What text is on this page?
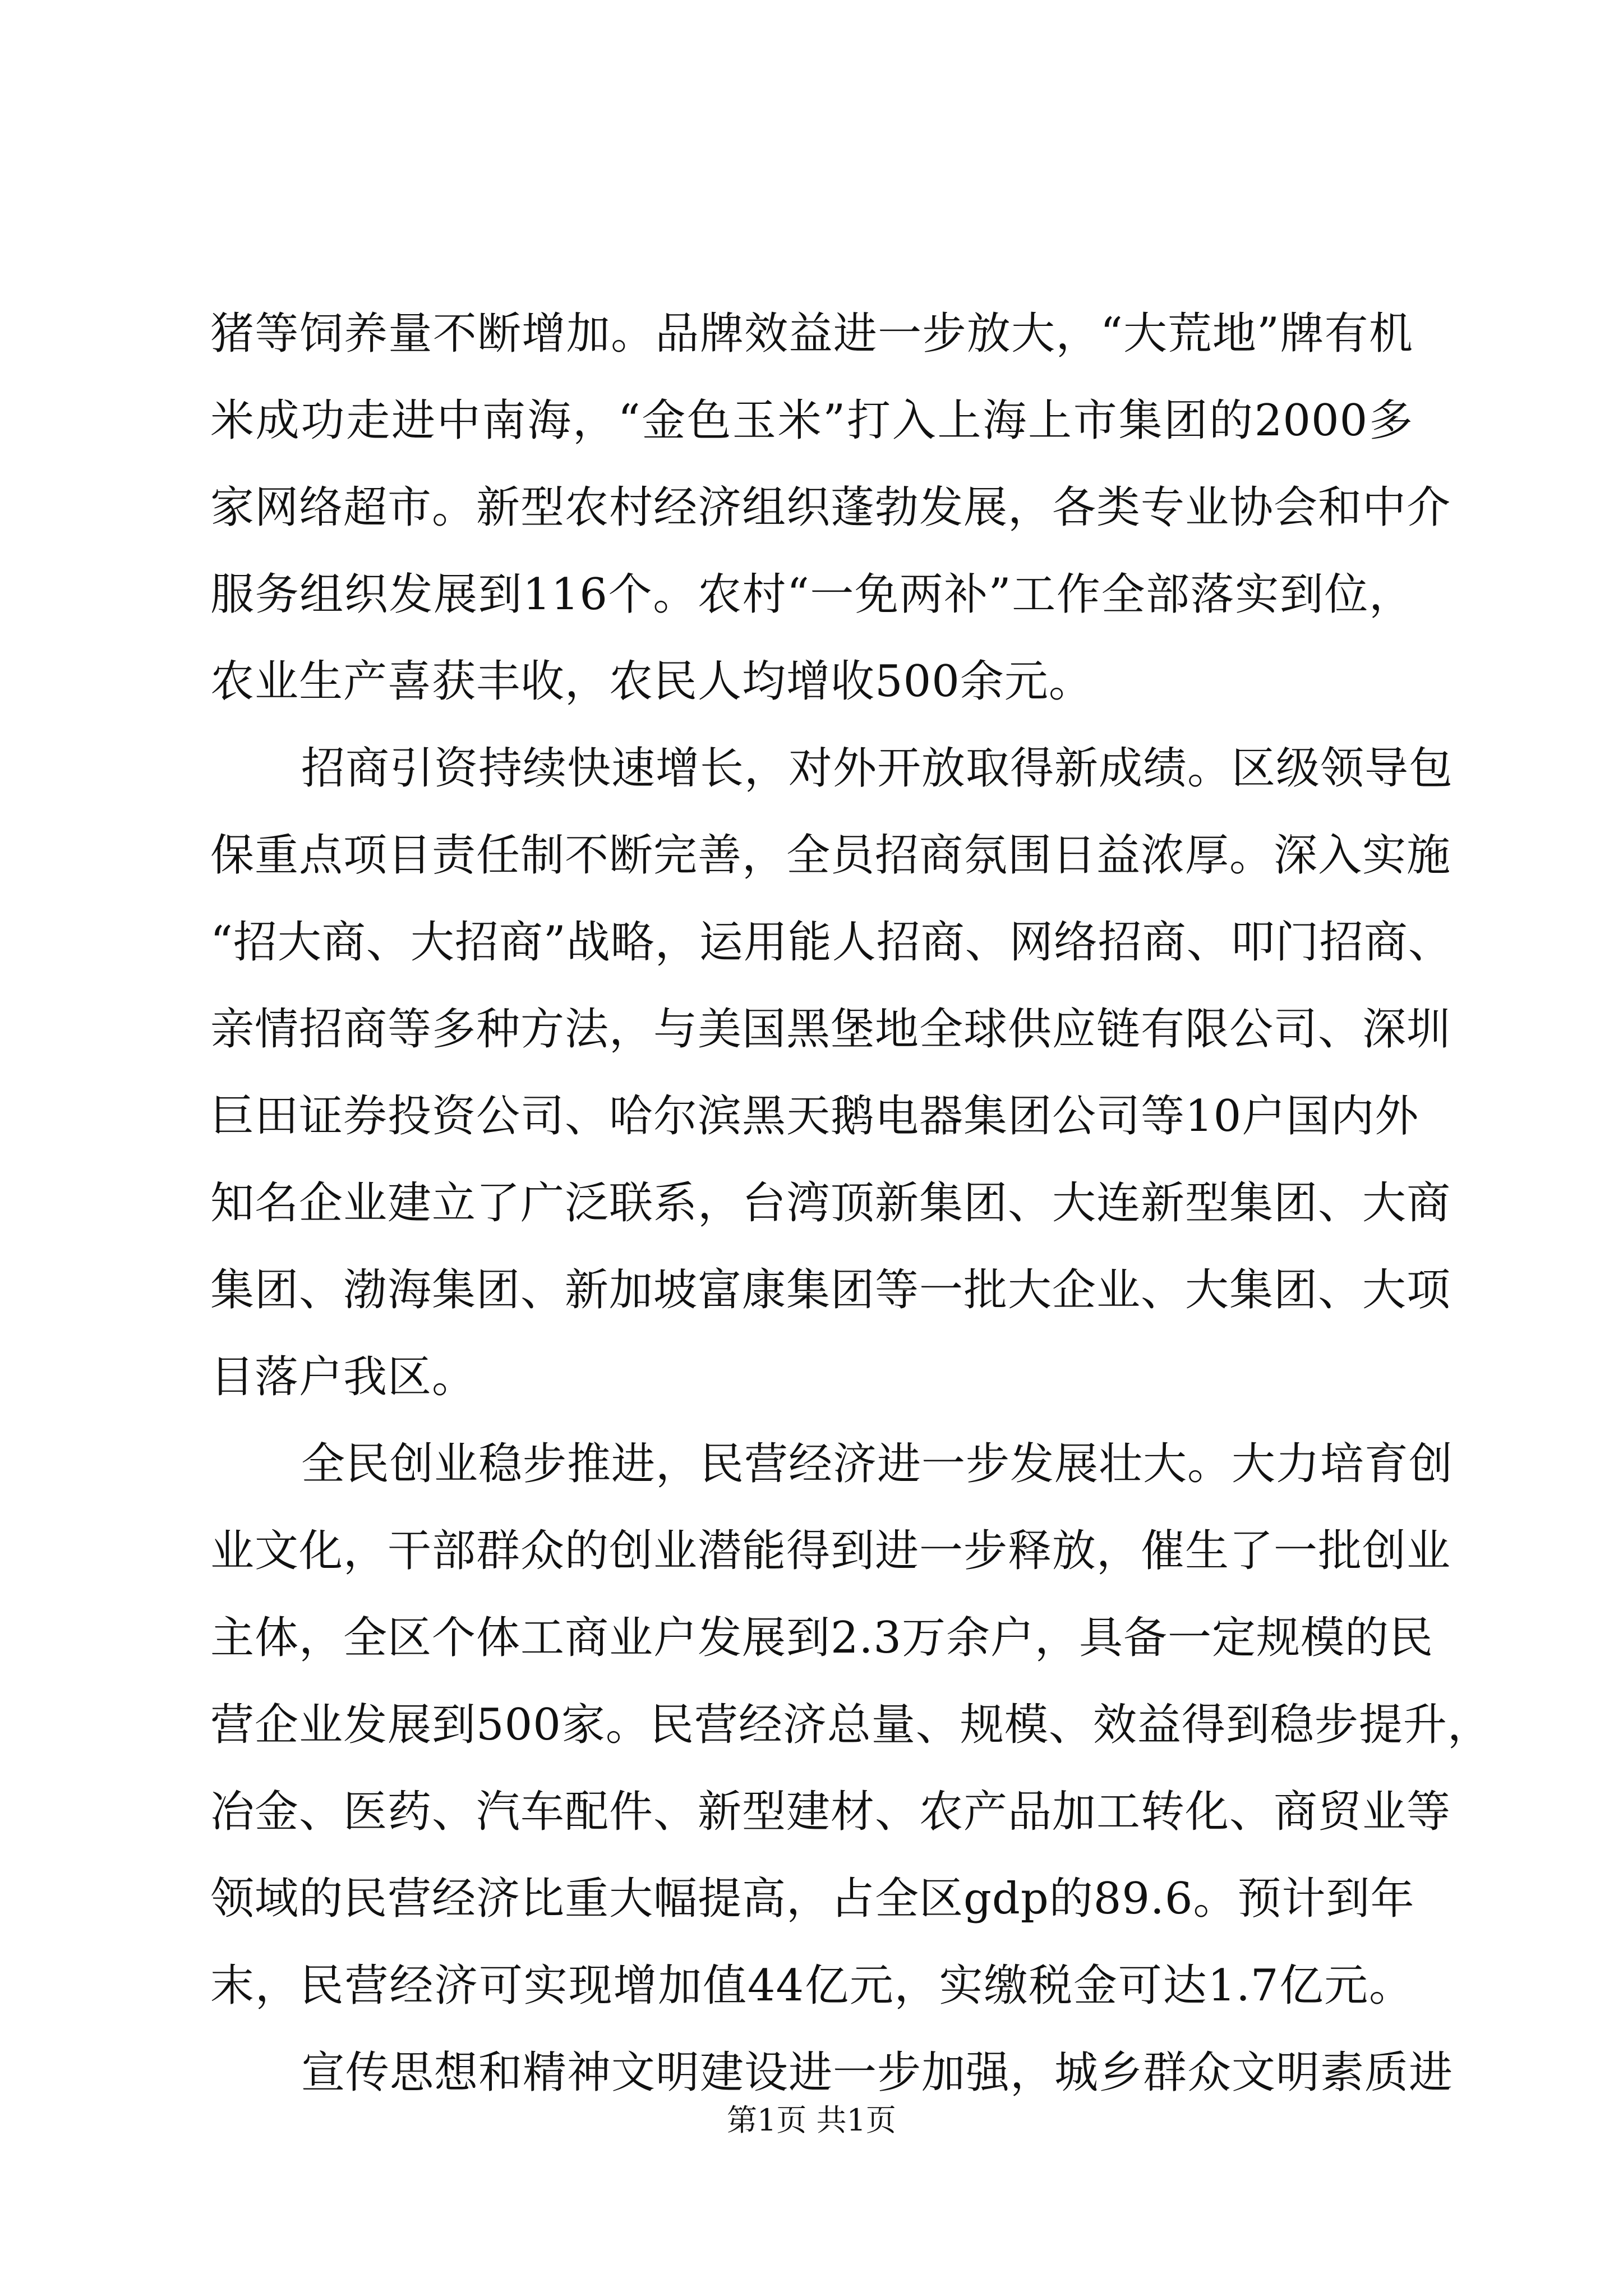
猪等饲养量不断增加。品牌效益进一步放大，“大荒地”牌有机
米成功走进中南海，“金色玉米”打入上海上市集团的2000多
家网络超市。新型农村经济组织蓬勃发展，各类专业协会和中介
服务组织发展到116个。农村“一免两补”工作全部落实到位，
农业生产喜获丰收，农民人均增收500余元。
招商引资持续快速增长，对外开放取得新成绩。区级领导包
保重点项目责任制不断完善，全员招商氛围日益浓厚。深入实施
“招大商、大招商”战略，运用能人招商、网络招商、叩门招商、
亲情招商等多种方法，与美国黑堡地全球供应链有限公司、深圳
巨田证券投资公司、哈尔滨黑天鹅电器集团公司等10户国内外
知名企业建立了广泛联系，台湾顶新集团、大连新型集团、大商
集团、渤海集团、新加坡富康集团等一批大企业、大集团、大项
目落户我区。
全民创业稳步推进，民营经济进一步发展壮大。大力培育创
业文化，干部群众的创业潜能得到进一步释放，催生了一批创业
主体，全区个体工商业户发展到2.3万余户，具备一定规模的民
营企业发展到500家。民营经济总量、规模、效益得到稳步提升，
冶金、医药、汽车配件、新型建材、农产品加工转化、商贸业等
领域的民营经济比重大幅提高，占全区gdp的89.6。预计到年
末，民营经济可实现增加值44亿元，实缴税金可达1.7亿元。
宣传思想和精神文明建设进一步加强，城乡群众文明素质进
第1页 共1页
